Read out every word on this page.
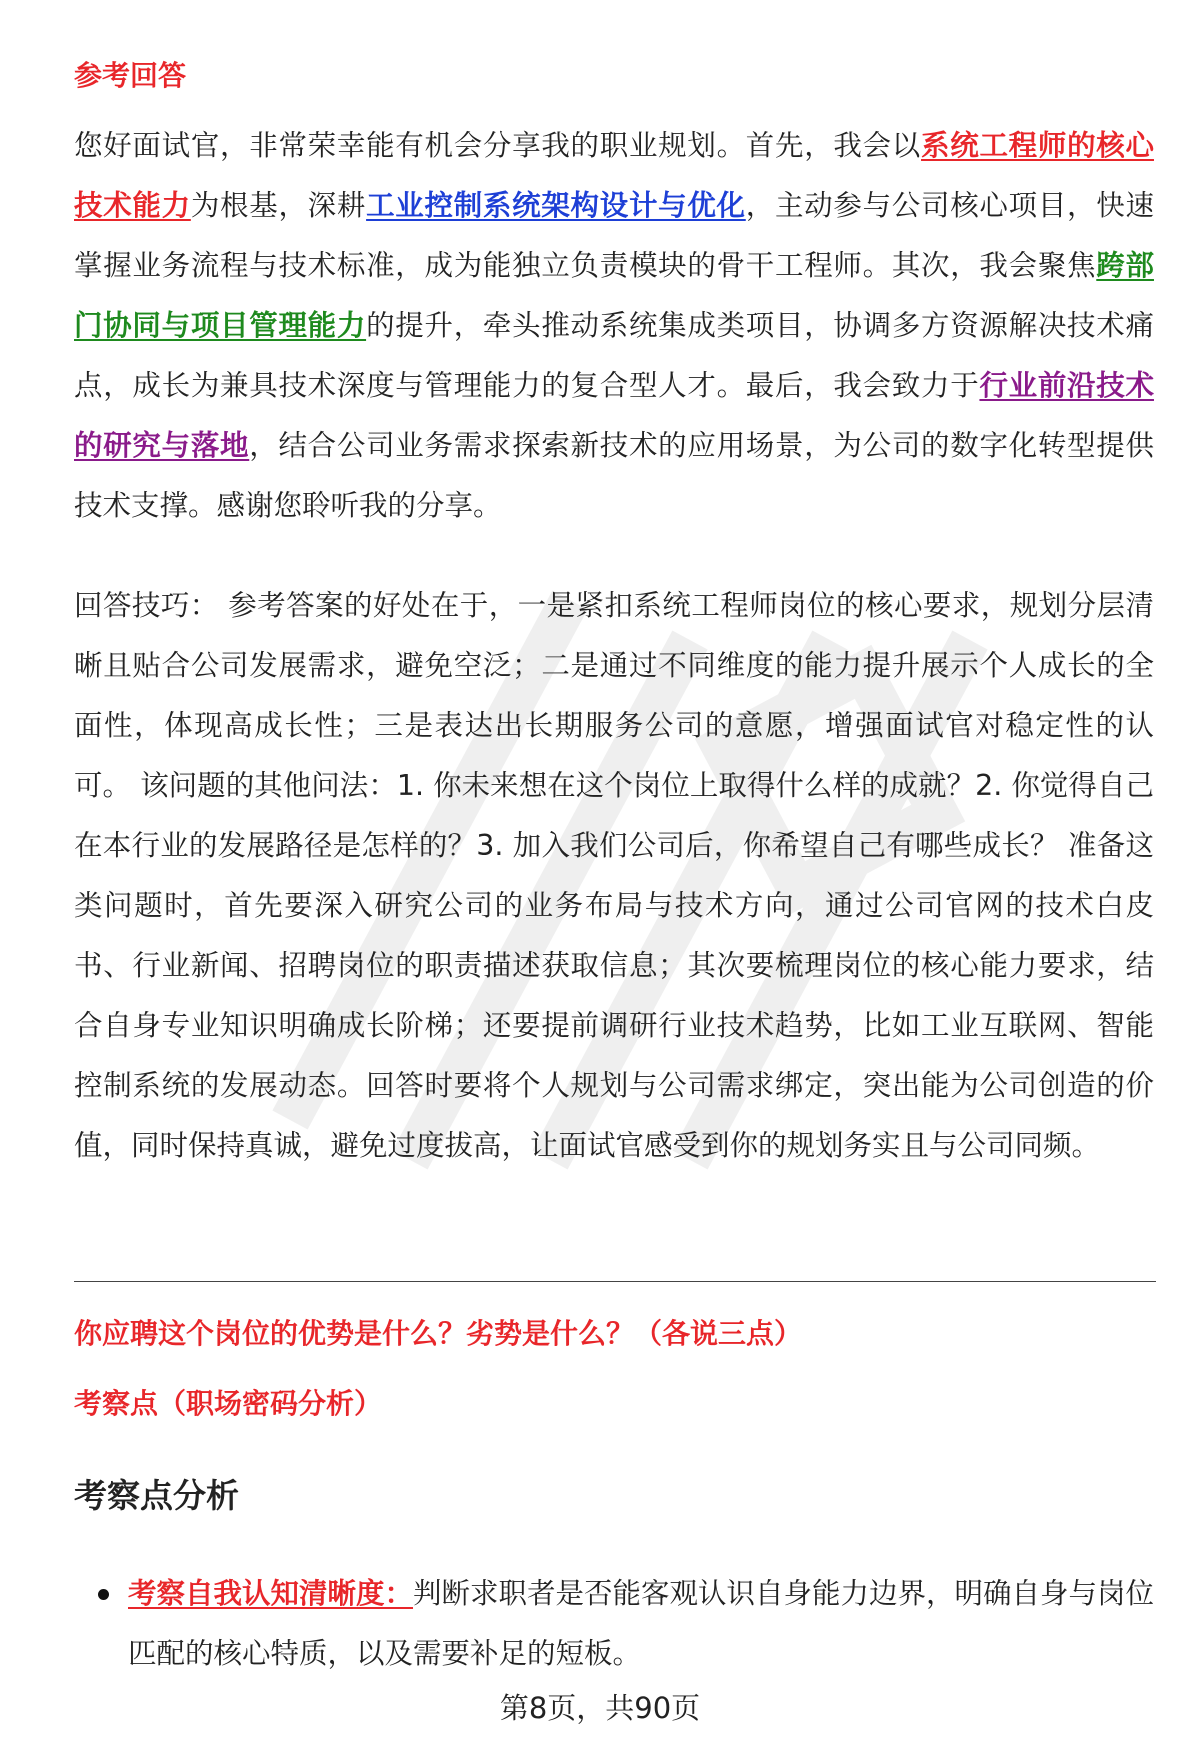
参考回答

您好面试官，非常荣幸能有机会分享我的职业规划。首先，我会以系统工程师的核心技术能力为根基，深耕工业控制系统架构设计与优化，主动参与公司核心项目，快速掌握业务流程与技术标准，成为能独立负责模块的骨干工程师。其次，我会聚焦跨部门协同与项目管理能力的提升，牵头推动系统集成类项目，协调多方资源解决技术痛点，成长为兼具技术深度与管理能力的复合型人才。最后，我会致力于行业前沿技术的研究与落地，结合公司业务需求探索新技术的应用场景，为公司的数字化转型提供技术支撑。感谢您聆听我的分享。

回答技巧： 参考答案的好处在于，一是紧扣系统工程师岗位的核心要求，规划分层清晰且贴合公司发展需求，避免空泛；二是通过不同维度的能力提升展示个人成长的全面性，体现高成长性；三是表达出长期服务公司的意愿，增强面试官对稳定性的认可。 该问题的其他问法：1. 你未来想在这个岗位上取得什么样的成就？2. 你觉得自己在本行业的发展路径是怎样的？3. 加入我们公司后，你希望自己有哪些成长？ 准备这类问题时，首先要深入研究公司的业务布局与技术方向，通过公司官网的技术白皮书、行业新闻、招聘岗位的职责描述获取信息；其次要梳理岗位的核心能力要求，结合自身专业知识明确成长阶梯；还要提前调研行业技术趋势，比如工业互联网、智能控制系统的发展动态。回答时要将个人规划与公司需求绑定，突出能为公司创造的价值，同时保持真诚，避免过度拔高，让面试官感受到你的规划务实且与公司同频。

你应聘这个岗位的优势是什么？劣势是什么？（各说三点）
考察点（职场密码分析）
考察点分析
考察自我认知清晰度：判断求职者是否能客观认识自身能力边界，明确自身与岗位匹配的核心特质，以及需要补足的短板。

第8页，共90页
